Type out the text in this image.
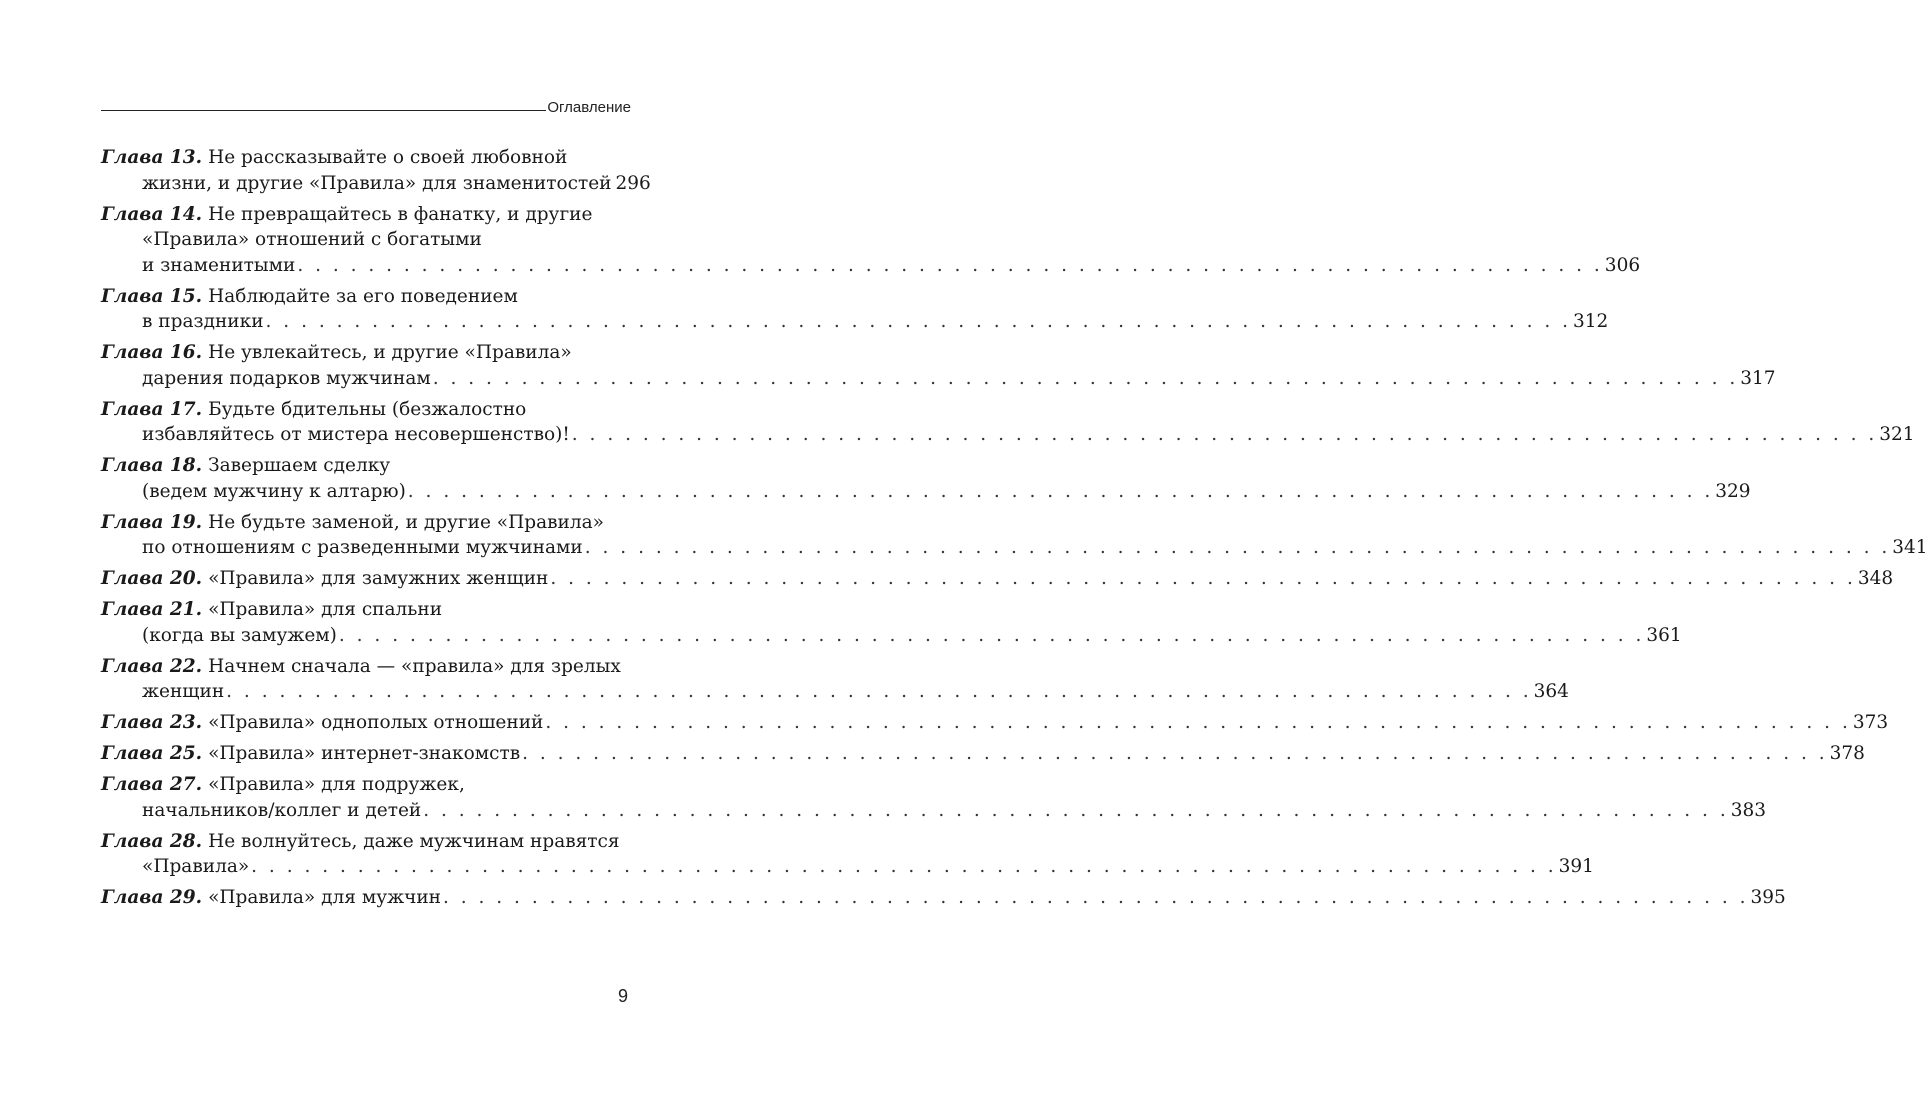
Оглавление
Глава 13. Не рассказывайте о своей любовной
жизни, и другие «Правила» для знаменитостей 296
Глава 14. Не превращайтесь в фанатку, и другие
«Правила» отношений с богатыми
и знаменитыми . . .	306
Глава 15. Наблюдайте за его поведением
в праздники . . .	312
Глава 16. Не увлекайтесь, и другие «Правила»
дарения подарков мужчинам . . .	317
Глава 17. Будьте бдительны (безжалостно
избавляйтесь от мистера несовершенство)! . . .	321
Глава 18. Завершаем сделку
(ведем мужчину к алтарю) . . .	329
Глава 19. Не будьте заменой, и другие «Правила»
по отношениям с разведенными мужчинами . . .	341
Глава 20. «Правила» для замужних женщин . . .	348
Глава 21. «Правила» для спальни
(когда вы замужем) . . .	361
Глава 22. Начнем сначала — «правила» для зрелых
женщин . . .	364
Глава 23. «Правила» однополых отношений . . .	373
Глава 25. «Правила» интернет-знакомств . . .	378
Глава 27. «Правила» для подружек,
начальников/коллег и детей . . .	383
Глава 28. Не волнуйтесь, даже мужчинам нравятся
«Правила» . . .	391
Глава 29. «Правила» для мужчин . . .	395
9
